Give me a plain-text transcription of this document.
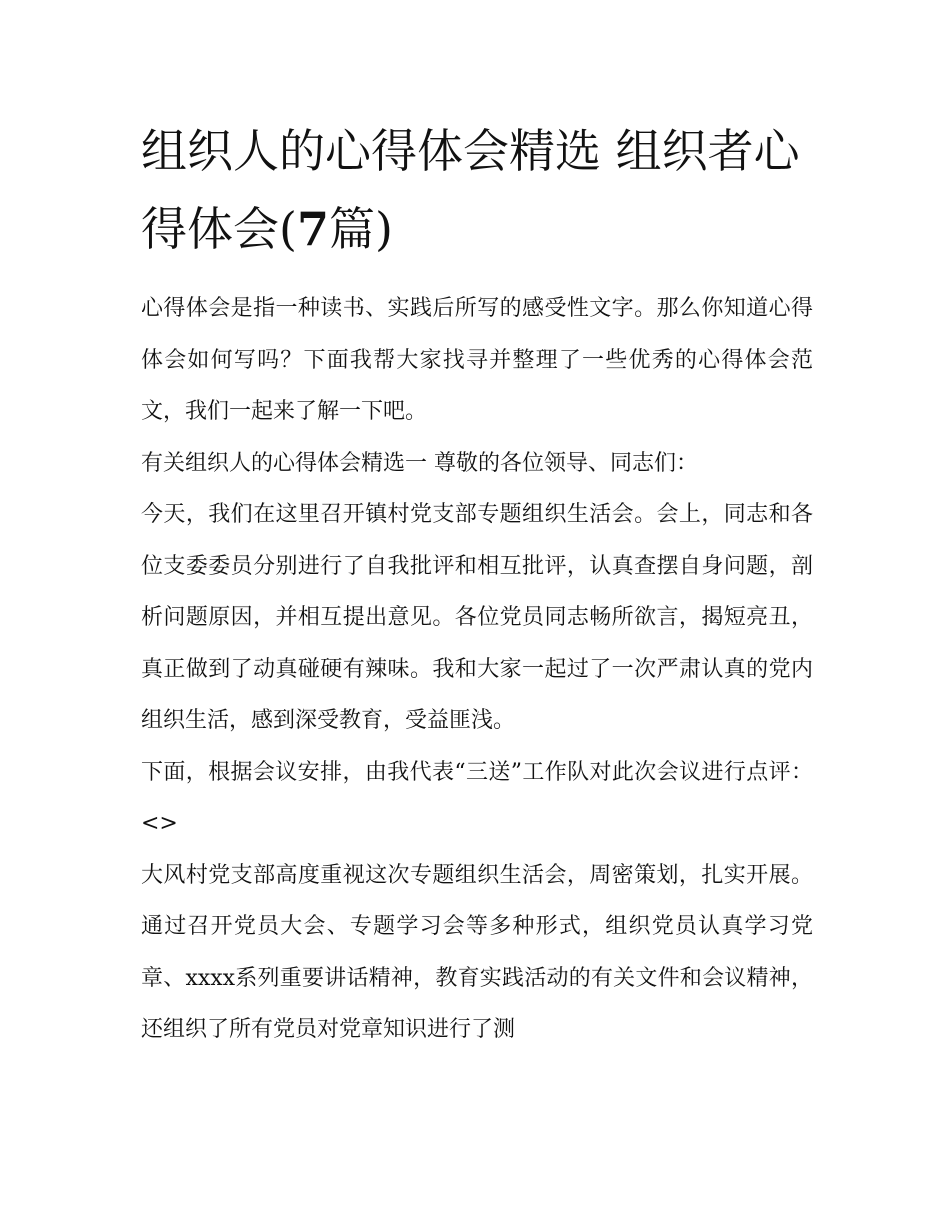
组织人的心得体会精选 组织者心得体会(7篇)

心得体会是指一种读书、实践后所写的感受性文字。那么你知道心得体会如何写吗？下面我帮大家找寻并整理了一些优秀的心得体会范文，我们一起来了解一下吧。

有关组织人的心得体会精选一 尊敬的各位领导、同志们：

今天，我们在这里召开镇村党支部专题组织生活会。会上，同志和各位支委委员分别进行了自我批评和相互批评，认真查摆自身问题，剖析问题原因，并相互提出意见。各位党员同志畅所欲言，揭短亮丑，真正做到了动真碰硬有辣味。我和大家一起过了一次严肃认真的党内组织生活，感到深受教育，受益匪浅。

下面，根据会议安排，由我代表“三送”工作队对此次会议进行点评： <>

大风村党支部高度重视这次专题组织生活会，周密策划，扎实开展。通过召开党员大会、专题学习会等多种形式，组织党员认真学习党章、xxxx系列重要讲话精神，教育实践活动的有关文件和会议精神，还组织了所有党员对党章知识进行了测
